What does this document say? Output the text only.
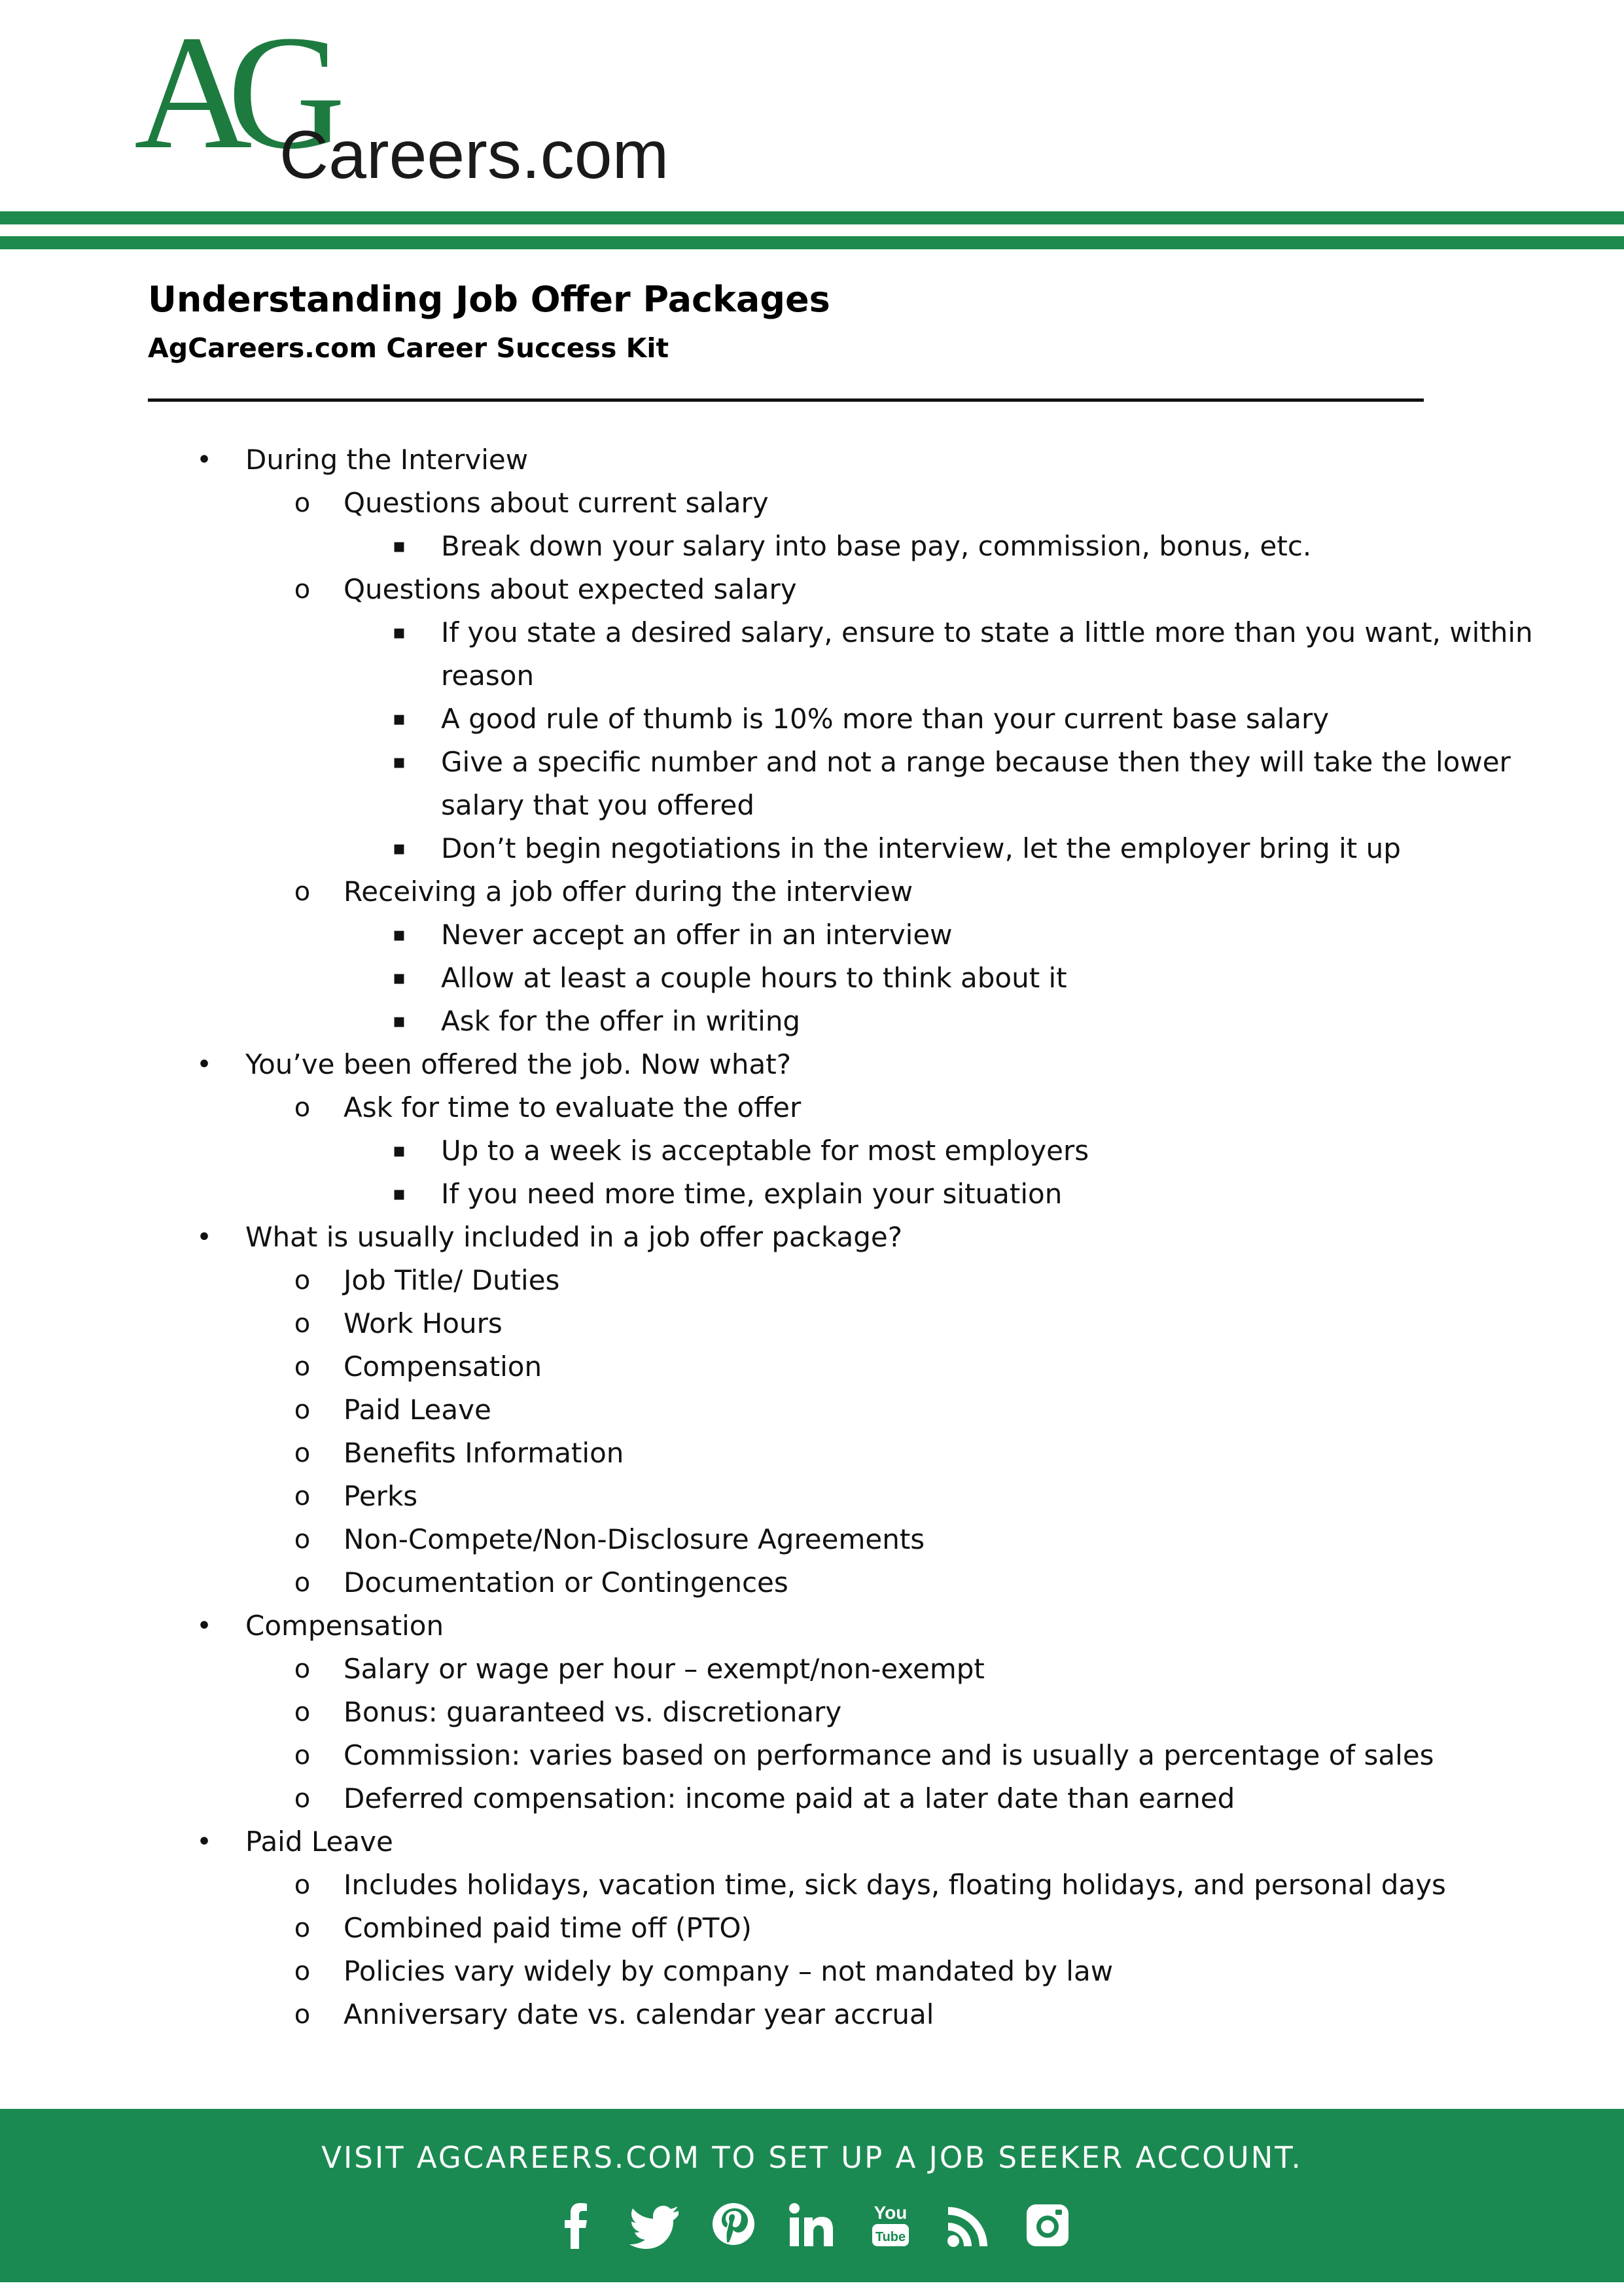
AG
Careers.com
Understanding Job Offer Packages
AgCareers.com Career Success Kit
• During the Interview
o Questions about current salary
▪ Break down your salary into base pay, commission, bonus, etc.
o Questions about expected salary
▪ If you state a desired salary, ensure to state a little more than you want, within
reason
▪ A good rule of thumb is 10% more than your current base salary
▪ Give a specific number and not a range because then they will take the lower
salary that you offered
▪ Don’t begin negotiations in the interview, let the employer bring it up
o Receiving a job offer during the interview
▪ Never accept an offer in an interview
▪ Allow at least a couple hours to think about it
▪ Ask for the offer in writing
• You’ve been offered the job. Now what?
o Ask for time to evaluate the offer
▪ Up to a week is acceptable for most employers
▪ If you need more time, explain your situation
• What is usually included in a job offer package?
o Job Title/ Duties
o Work Hours
o Compensation
o Paid Leave
o Benefits Information
o Perks
o Non-Compete/Non-Disclosure Agreements
o Documentation or Contingences
• Compensation
o Salary or wage per hour – exempt/non-exempt
o Bonus: guaranteed vs. discretionary
o Commission: varies based on performance and is usually a percentage of sales
o Deferred compensation: income paid at a later date than earned
• Paid Leave
o Includes holidays, vacation time, sick days, floating holidays, and personal days
o Combined paid time off (PTO)
o Policies vary widely by company – not mandated by law
o Anniversary date vs. calendar year accrual
VISIT AGCAREERS.COM TO SET UP A JOB SEEKER ACCOUNT.
You
Tube
